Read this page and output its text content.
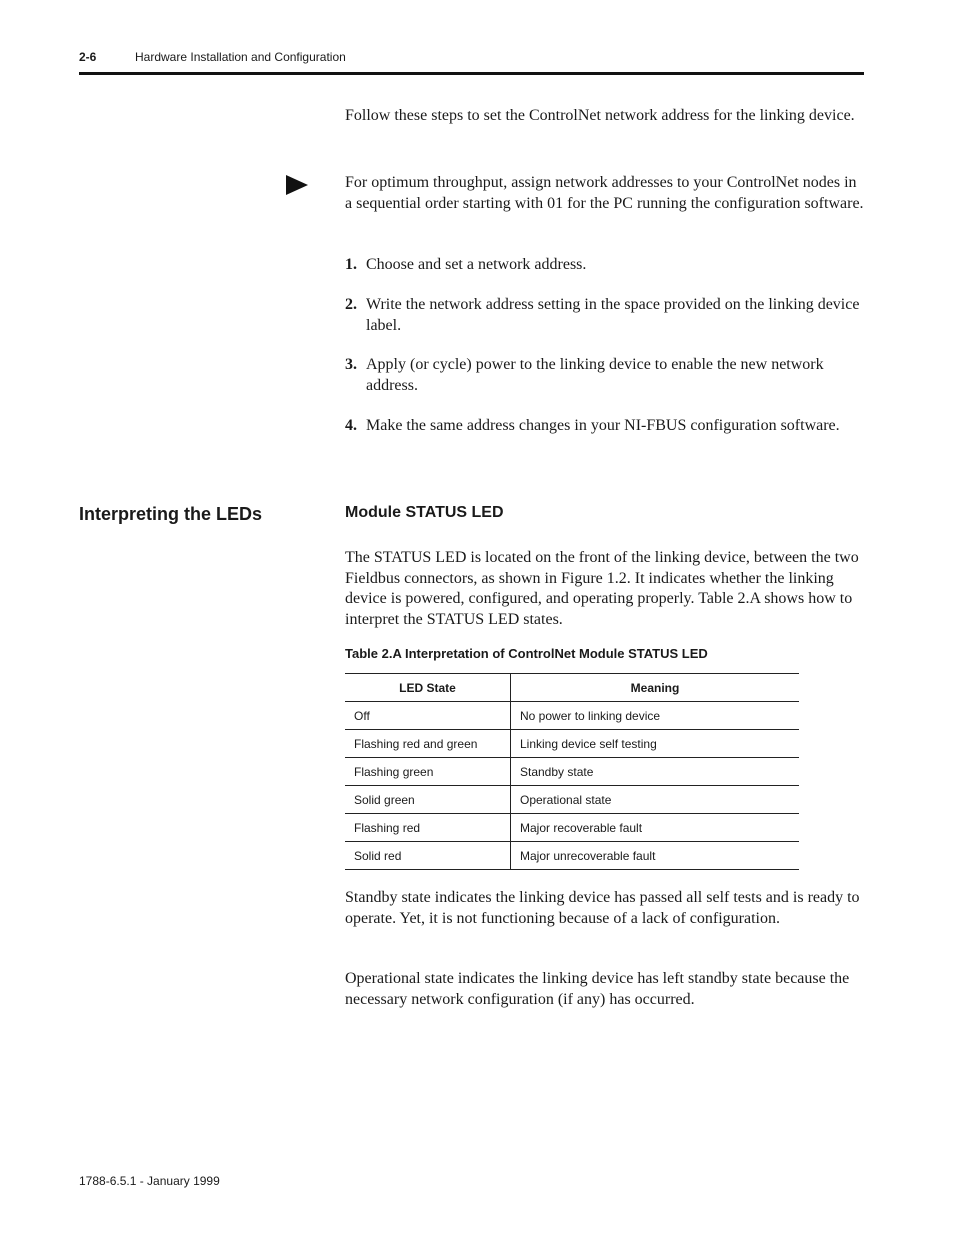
2-6	Hardware Installation and Configuration

Follow these steps to set the ControlNet network address for the linking device.

For optimum throughput, assign network addresses to your ControlNet nodes in a sequential order starting with 01 for the PC running the configuration software.

1. Choose and set a network address.
2. Write the network address setting in the space provided on the linking device label.
3. Apply (or cycle) power to the linking device to enable the new network address.
4. Make the same address changes in your NI-FBUS configuration software.
Interpreting the LEDs	Module STATUS LED

The STATUS LED is located on the front of the linking device, between the two Fieldbus connectors, as shown in Figure 1.2. It indicates whether the linking device is powered, configured, and operating properly. Table 2.A shows how to interpret the STATUS LED states.

Table 2.A Interpretation of ControlNet Module STATUS LED
LED State	Meaning
Off	No power to linking device
Flashing red and green	Linking device self testing
Flashing green	Standby state
Solid green	Operational state
Flashing red	Major recoverable fault
Solid red	Major unrecoverable fault

Standby state indicates the linking device has passed all self tests and is ready to operate. Yet, it is not functioning because of a lack of configuration.

Operational state indicates the linking device has left standby state because the necessary network configuration (if any) has occurred.

1788-6.5.1 - January 1999
